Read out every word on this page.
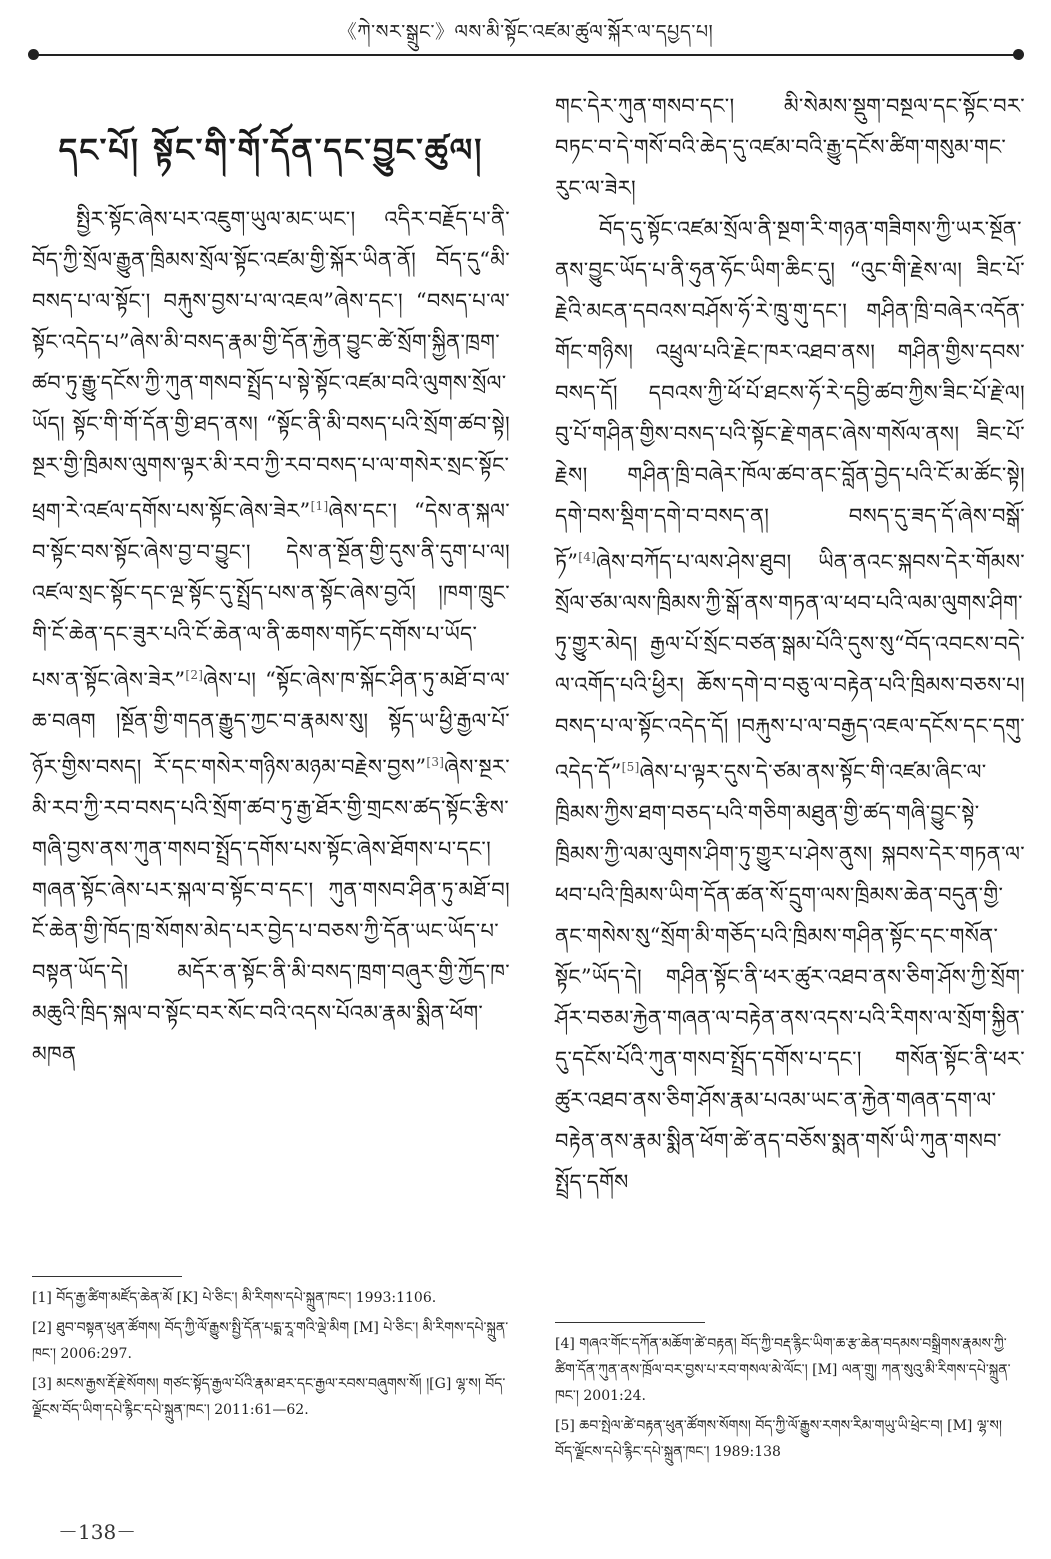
《ཀེ་སར་སྒྲུང་》ལས་མི་སྟོང་འཛམ་ཚུལ་སྐོར་ལ་དཔྱད་པ།
དང་པོ། སྟོང་གི་གོ་དོན་དང་བྱུང་ཚུལ།

སྤྱིར་སྟོང་ཞེས་པར་འཇུག་ཡུལ་མང་ཡང་། འདིར་བརྗོད་པ་ནི་བོད་ཀྱི་སྲོལ་རྒྱུན་ཁྲིམས་སྲོལ་སྟོང་འཛམ་གྱི་སྐོར་ཡིན་ནོ། བོད་དུ“མི་བསད་པ་ལ་སྟོང་། བརྐུས་བྱས་པ་ལ་འཇལ”ཞེས་དང་། “བསད་པ་ལ་སྟོང་འདེད་པ”ཞེས་མི་བསད་རྣམ་གྱི་དོན་རྐྱེན་བྱུང་ཚེ་སྲོག་སྐྱིན་ཁྲག་ཚབ་ཏུ་རྒྱུ་དངོས་ཀྱི་ཀུན་གསབ་སྤྲོད་པ་སྟེ་སྟོང་འཛམ་བའི་ལུགས་སྲོལ་ཡོད། སྟོང་གི་གོ་དོན་གྱི་ཐད་ནས། “སྟོང་ནི་མི་བསད་པའི་སྲོག་ཚབ་སྟེ། སྔར་གྱི་ཁྲིམས་ལུགས་ལྟར་མི་རབ་ཀྱི་རབ་བསད་པ་ལ་གསེར་སྲང་སྟོང་ཕྲག་རེ་འཛལ་དགོས་པས་སྟོང་ཞེས་ཟེར”[1]ཞེས་དང་། “དེས་ན་སྐལ་བ་སྟོང་བས་སྟོང་ཞེས་བྱ་བ་བྱུང་། དེས་ན་སྔོན་གྱི་དུས་ནི་དུག་པ་ལ། འཛལ་སྲང་སྟོང་དང་ལྔ་སྟོང་དུ་སྤྲོད་པས་ན་སྟོང་ཞེས་བྱའོ། །ཁག་ཁྲུང་གི་ངོ་ཆེན་དང་ཟུར་པའི་ངོ་ཆེན་ལ་ནི་ཆགས་གཏོང་དགོས་པ་ཡོད་པས་ན་སྟོང་ཞེས་ཟེར”[2]ཞེས་པ། “སྟོང་ཞེས་ཁ་སྐོང་ཤིན་ཏུ་མཐོ་བ་ལ་ཆ་བཞག །སྔོན་གྱི་གདན་རྒྱུད་ཀྱང་བ་རྣམས་སུ། སྟོད་ཡ་ཕྱི་རྒྱལ་པོ་ཉོར་གྱིས་བསད། རོ་དང་གསེར་གཉིས་མཉམ་བརྗེས་བྱས”[3]ཞེས་སྔར་མི་རབ་ཀྱི་རབ་བསད་པའི་སྲོག་ཚབ་ཏུ་རྒྱ་ཐོར་གྱི་གྲངས་ཚད་སྟོང་རྩིས་གཞི་བྱས་ནས་ཀུན་གསབ་སྤྲོད་དགོས་པས་སྟོང་ཞེས་ཐོགས་པ་དང་། གཞན་སྟོང་ཞེས་པར་སྐལ་བ་སྟོང་བ་དང་། ཀུན་གསབ་ཤིན་ཏུ་མཐོ་བ། ངོ་ཆེན་གྱི་ཁོད་ཁྲ་སོགས་མེད་པར་བྱེད་པ་བཅས་ཀྱི་དོན་ཡང་ཡོད་པ་བསྟན་ཡོད་དེ། མདོར་ན་སྟོང་ནི་མི་བསད་ཁྲག་བཞུར་གྱི་ཀྱོད་ཁ་མཆུའི་ཁྲིད་སྐལ་བ་སྟོང་བར་སོང་བའི་འདས་པོའམ་རྣམ་སྨིན་ཕོག་མཁན

[1] བོད་རྒྱ་ཚིག་མཛོད་ཆེན་མོ [K] པེ་ཅིང་། མི་རིགས་དཔེ་སྐྲུན་ཁང་། 1993:1106.

[2] ཐུབ་བསྟན་ཕུན་ཚོགས། བོད་ཀྱི་ལོ་རྒྱུས་སྤྱི་དོན་པདྨ་རཱ་གའི་ལྡེ་མིག [M] པེ་ཅིང་། མི་རིགས་དཔེ་སྐྲུན་ཁང་། 2006:297.

[3] མངས་རྒྱས་རྡོ་རྗེ་སོགས། གཙང་སྟོད་རྒྱལ་པོའི་རྣམ་ཐར་དང་རྒྱལ་རབས་བཞུགས་སོ། །[G] ལྷ་ས། བོད་ལྗོངས་བོད་ཡིག་དཔེ་རྙིང་དཔེ་སྐྲུན་ཁང་། 2011:61—62.

གང་དེར་ཀུན་གསབ་དང་། མི་སེམས་སྡུག་བསྔལ་དང་སྟོང་བར་བཏང་བ་དེ་གསོ་བའི་ཆེད་དུ་འཛམ་བའི་རྒྱུ་དངོས་ཚིག་གསུམ་གང་རུང་ལ་ཟེར།

བོད་དུ་སྟོང་འཛམ་སྲོལ་ནི་སྔག་རི་གཉན་གཟིགས་ཀྱི་ཡར་སྔོན་ནས་བྱུང་ཡོད་པ་ནི་ཧུན་ཧོང་ཡིག་ཆིང་དུ། “འུང་གི་རྗེས་ལ། ཟིང་པོ་རྗེའི་མངན་དབའས་བཤོས་ཧོ་རེ་ཁྲུ་གུ་དང་། གཤིན་ཁྲི་བཞེར་འདོན་གོང་གཉིས། འཕྲུལ་པའི་རྗེང་ཁར་འཐབ་ནས། གཤིན་གྱིས་དབས་བསད་དོ། དབའས་ཀྱི་ཕོ་པོ་ཐངས་ཧོ་རེ་དབྱི་ཚབ་ཀྱིས་ཟིང་པོ་རྗེ་ལ། བུ་པོ་གཤིན་གྱིས་བསད་པའི་སྟོང་རྗེ་གནང་ཞེས་གསོལ་ནས། ཟིང་པོ་རྗེས། གཤིན་ཁྲི་བཞེར་ཁོལ་ཚབ་ནང་བློན་བྱེད་པའི་ངོ་མ་ཚོང་སྟེ། དགེ་བས་སྡིག་དགེ་བ་བསད་ན། བསད་དུ་ཟད་དོ་ཞེས་བསྒོ་ཏོ”[4]ཞེས་བཀོད་པ་ལས་ཤེས་ཐུབ། ཡིན་ནའང་སྐབས་དེར་གོམས་སྲོལ་ཙམ་ལས་ཁྲིམས་ཀྱི་སྒོ་ནས་གཏན་ལ་ཕབ་པའི་ལམ་ལུགས་ཤིག་ཏུ་གྱུར་མེད། རྒྱལ་པོ་སྲོང་བཙན་སྒམ་པོའི་དུས་སུ“བོད་འབངས་བདེ་ལ་འགོད་པའི་ཕྱིར། ཆོས་དགེ་བ་བཅུ་ལ་བརྟེན་པའི་ཁྲིམས་བཅས་པ། བསད་པ་ལ་སྟོང་འདེད་དོ། །བརྐུས་པ་ལ་བརྒྱད་འཇལ་དངོས་དང་དགུ་འདེད་དོ”[5]ཞེས་པ་ལྟར་དུས་དེ་ཙམ་ནས་སྟོང་གི་འཛམ་ཞིང་ལ་ཁྲིམས་ཀྱིས་ཐག་བཅད་པའི་གཅིག་མཐུན་གྱི་ཚད་གཞི་བྱུང་སྟེ་ཁྲིམས་ཀྱི་ལམ་ལུགས་ཤིག་ཏུ་གྱུར་པ་ཤེས་ནུས། སྐབས་དེར་གཏན་ལ་ཕབ་པའི་ཁྲིམས་ཡིག་དོན་ཚན་སོ་དྲུག་ལས་ཁྲིམས་ཆེན་བདུན་གྱི་ནང་གསེས་སུ“སྲོག་མི་གཅོད་པའི་ཁྲིམས་གཤིན་སྟོང་དང་གསོན་སྟོང”ཡོད་དེ། གཤིན་སྟོང་ནི་ཕར་ཚུར་འཐབ་ནས་ཅིག་ཤོས་ཀྱི་སྲོག་ཤོར་བཅམ་རྐྱེན་གཞན་ལ་བརྟེན་ནས་འདས་པའི་རིགས་ལ་སྲོག་སྐྱིན་དུ་དངོས་པོའི་ཀུན་གསབ་སྤྲོད་དགོས་པ་དང་། གསོན་སྟོང་ནི་ཕར་ཚུར་འཐབ་ནས་ཅིག་ཤོས་རྣམ་པའམ་ཡང་ན་རྐྱེན་གཞན་དག་ལ་བརྟེན་ནས་རྣམ་སྨིན་ཕོག་ཚེ་ནད་བཅོས་སྨན་གསོ་ཡི་ཀུན་གསབ་སྤྲོད་དགོས

[4] གཞའ་གོང་དཀོན་མཆོག་ཚེ་བརྟན། བོད་ཀྱི་བརྡ་རྙིང་ཡིག་ཆ་རྩ་ཆེན་བདམས་བསྒྲིགས་རྣམས་ཀྱི་ཚིག་དོན་ཀུན་ནས་ཁྲོལ་བར་བྱས་པ་རབ་གསལ་མེ་ལོང་། [M] ལན་གྲུ། ཀན་སུའུ་མི་རིགས་དཔེ་སྐྲུན་ཁང་། 2001:24.

[5] ཆབ་སྤེལ་ཚེ་བརྟན་ཕུན་ཚོགས་སོགས། བོད་ཀྱི་ལོ་རྒྱུས་རགས་རིམ་གཡུ་ཡི་ཕྲེང་བ། [M] ལྷ་ས། བོད་ལྗོངས་དཔེ་རྙིང་དཔེ་སྐྲུན་ཁང་། 1989:138

－138－
